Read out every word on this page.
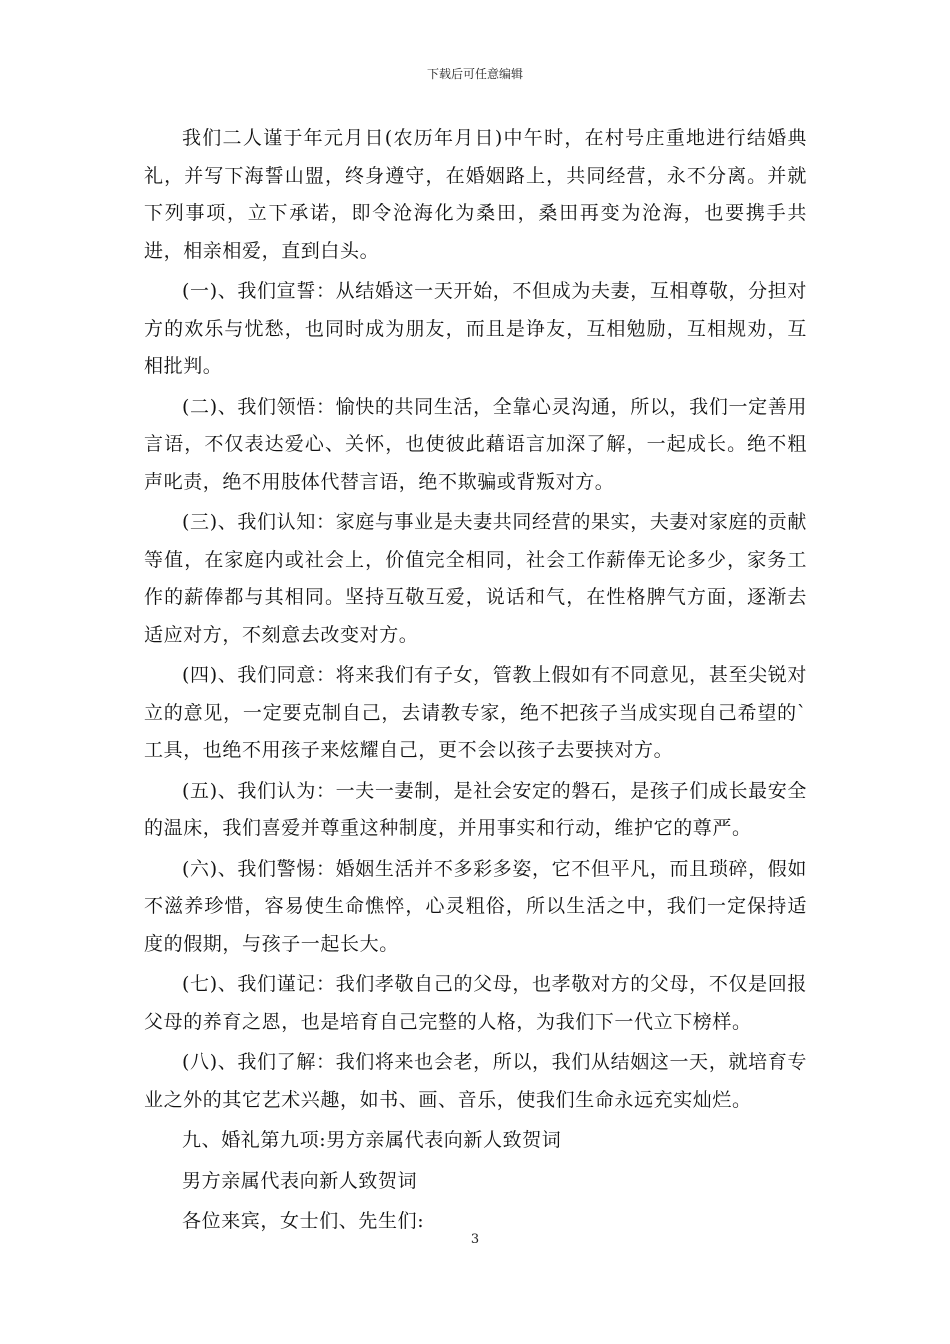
下载后可任意编辑

我们二人谨于年元月日(农历年月日)中午时，在村号庄重地进行结婚典礼，并写下海誓山盟，终身遵守，在婚姻路上，共同经营，永不分离。并就下列事项，立下承诺，即令沧海化为桑田，桑田再变为沧海，也要携手共进，相亲相爱，直到白头。

(一)、我们宣誓：从结婚这一天开始，不但成为夫妻，互相尊敬，分担对方的欢乐与忧愁，也同时成为朋友，而且是诤友，互相勉励，互相规劝，互相批判。

(二)、我们领悟：愉快的共同生活，全靠心灵沟通，所以，我们一定善用言语，不仅表达爱心、关怀，也使彼此藉语言加深了解，一起成长。绝不粗声叱责，绝不用肢体代替言语，绝不欺骗或背叛对方。

(三)、我们认知：家庭与事业是夫妻共同经营的果实，夫妻对家庭的贡献等值，在家庭内或社会上，价值完全相同，社会工作薪俸无论多少，家务工作的薪俸都与其相同。坚持互敬互爱，说话和气，在性格脾气方面，逐渐去适应对方，不刻意去改变对方。

(四)、我们同意：将来我们有子女，管教上假如有不同意见，甚至尖锐对立的意见，一定要克制自己，去请教专家，绝不把孩子当成实现自己希望的`工具，也绝不用孩子来炫耀自己，更不会以孩子去要挟对方。

(五)、我们认为：一夫一妻制，是社会安定的磐石，是孩子们成长最安全的温床，我们喜爱并尊重这种制度，并用事实和行动，维护它的尊严。

(六)、我们警惕：婚姻生活并不多彩多姿，它不但平凡，而且琐碎，假如不滋养珍惜，容易使生命憔悴，心灵粗俗，所以生活之中，我们一定保持适度的假期，与孩子一起长大。

(七)、我们谨记：我们孝敬自己的父母，也孝敬对方的父母，不仅是回报父母的养育之恩，也是培育自己完整的人格，为我们下一代立下榜样。

(八)、我们了解：我们将来也会老，所以，我们从结姻这一天，就培育专业之外的其它艺术兴趣，如书、画、音乐，使我们生命永远充实灿烂。

九、婚礼第九项:男方亲属代表向新人致贺词

男方亲属代表向新人致贺词

各位来宾，女士们、先生们:

3
